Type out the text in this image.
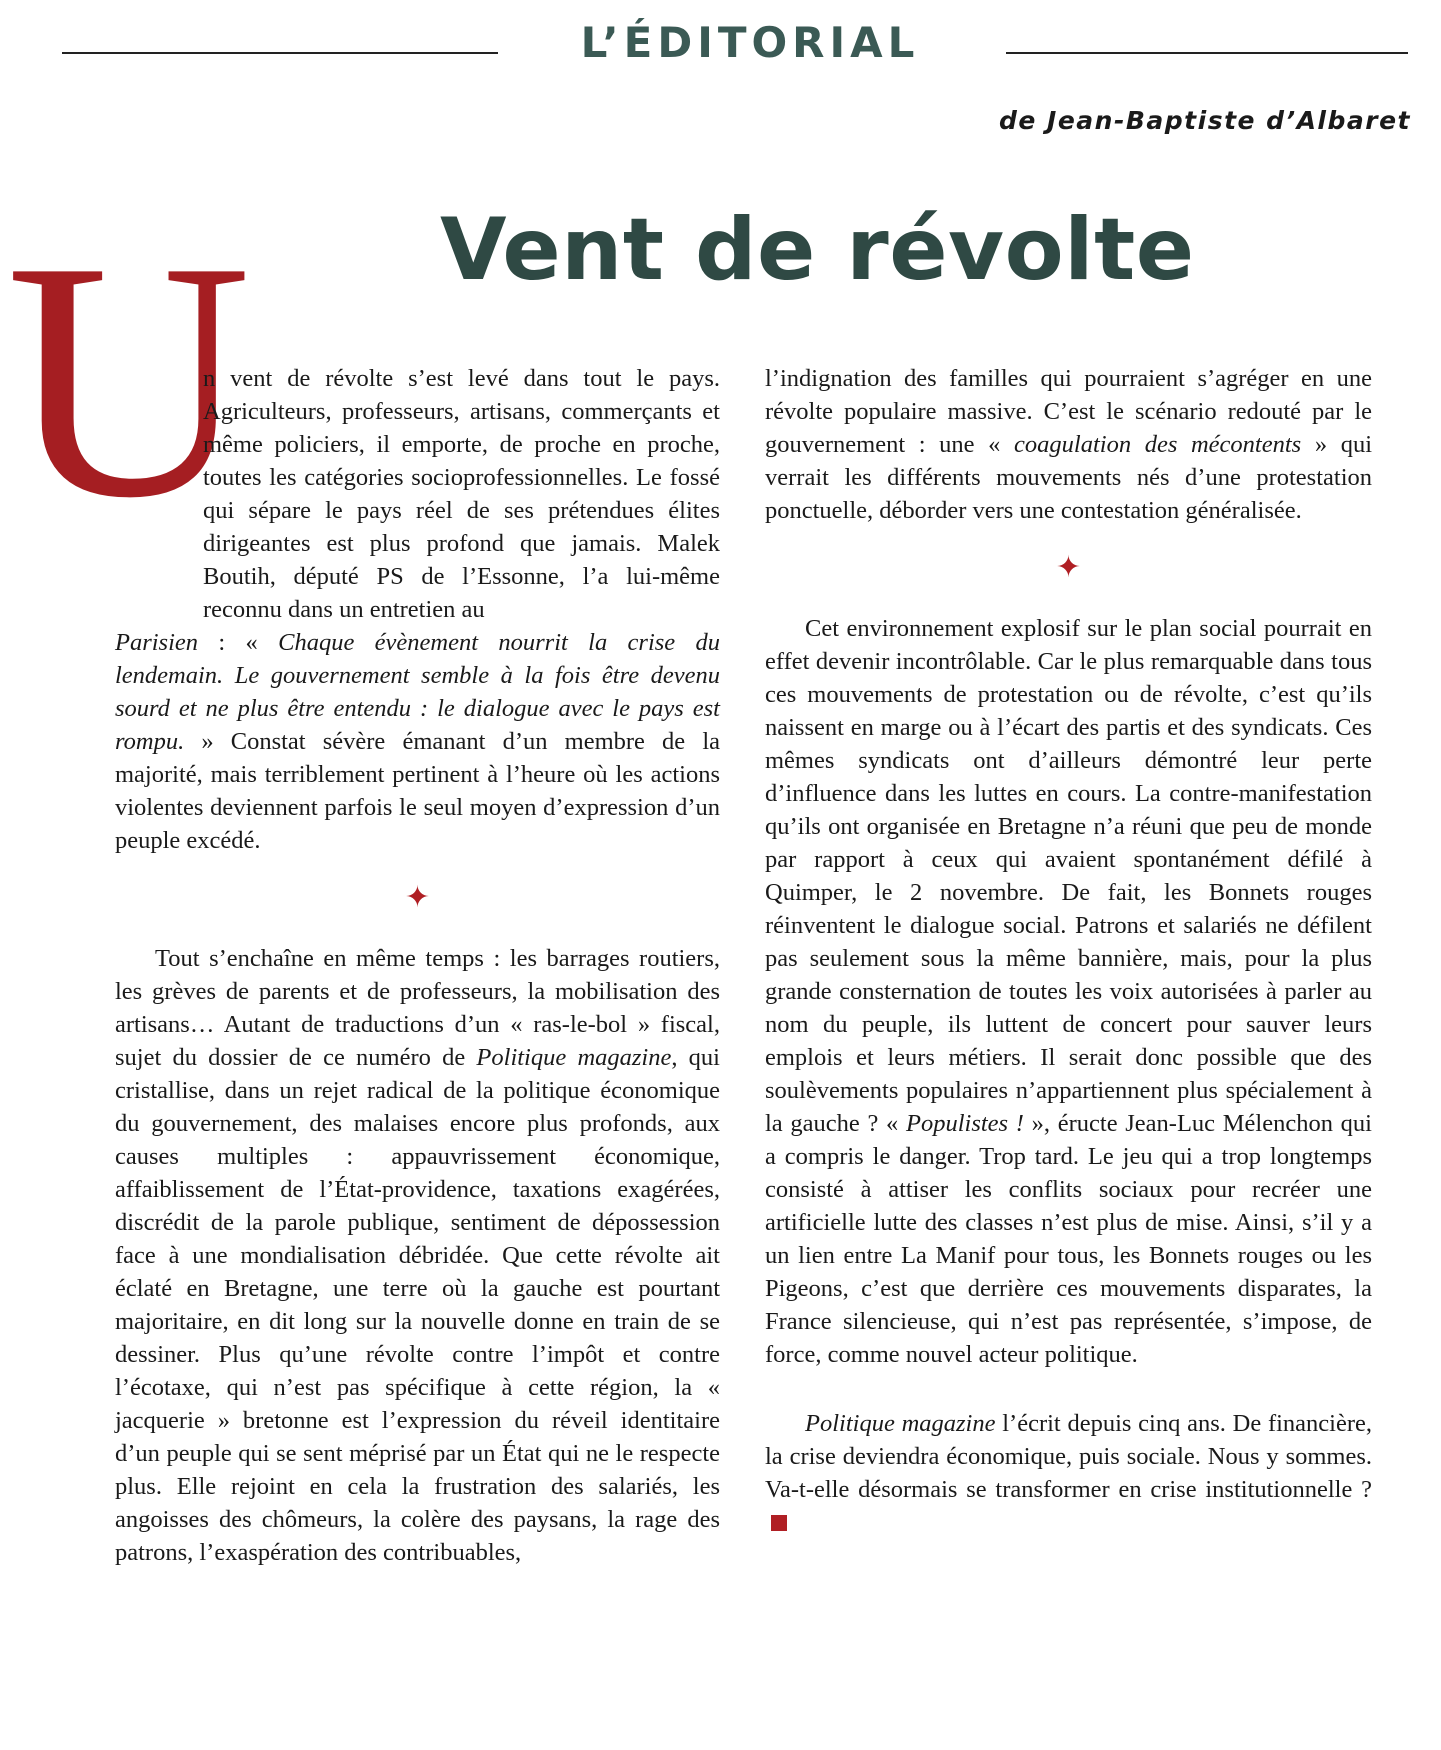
L’ÉDITORIAL
de Jean-Baptiste d’Albaret
Vent de révolte
U

n vent de révolte s’est levé dans tout le pays. Agriculteurs, professeurs, artisans, commerçants et même policiers, il emporte, de proche en proche, toutes les catégories socioprofessionnelles. Le fossé qui sépare le pays réel de ses prétendues élites dirigeantes est plus profond que jamais. Malek Boutih, député PS de l’Essonne, l’a lui-même reconnu dans un entretien auParisien : « Chaque évènement nourrit la crise du lendemain. Le gouvernement semble à la fois être devenu sourd et ne plus être entendu : le dialogue avec le pays est rompu. » Constat sévère émanant d’un membre de la majorité, mais terriblement pertinent à l’heure où les actions violentes deviennent parfois le seul moyen d’expression d’un peuple excédé.

✦

Tout s’enchaîne en même temps : les barrages routiers, les grèves de parents et de professeurs, la mobilisation des artisans… Autant de traductions d’un « ras-le-bol » fiscal, sujet du dossier de ce numéro de Politique magazine, qui cristallise, dans un rejet radical de la politique économique du gouvernement, des malaises encore plus profonds, aux causes multiples : appauvrissement économique, affaiblissement de l’État-providence, taxations exagérées, discrédit de la parole publique, sentiment de dépossession face à une mondialisation débridée. Que cette révolte ait éclaté en Bretagne, une terre où la gauche est pourtant majoritaire, en dit long sur la nouvelle donne en train de se dessiner. Plus qu’une révolte contre l’impôt et contre l’écotaxe, qui n’est pas spécifique à cette région, la « jacquerie » bretonne est l’expression du réveil identitaire d’un peuple qui se sent méprisé par un État qui ne le respecte plus. Elle rejoint en cela la frustration des salariés, les angoisses des chômeurs, la colère des paysans, la rage des patrons, l’exaspération des contribuables,

l’indignation des familles qui pourraient s’agréger en une révolte populaire massive. C’est le scénario redouté par le gouvernement : une « coagulation des mécontents » qui verrait les différents mouvements nés d’une protestation ponctuelle, déborder vers une contestation généralisée.

✦

Cet environnement explosif sur le plan social pourrait en effet devenir incontrôlable. Car le plus remarquable dans tous ces mouvements de protestation ou de révolte, c’est qu’ils naissent en marge ou à l’écart des partis et des syndicats. Ces mêmes syndicats ont d’ailleurs démontré leur perte d’influence dans les luttes en cours. La contre-manifestation qu’ils ont organisée en Bretagne n’a réuni que peu de monde par rapport à ceux qui avaient spontanément défilé à Quimper, le 2 novembre. De fait, les Bonnets rouges réinventent le dialogue social. Patrons et salariés ne défilent pas seulement sous la même bannière, mais, pour la plus grande consternation de toutes les voix autorisées à parler au nom du peuple, ils luttent de concert pour sauver leurs emplois et leurs métiers. Il serait donc possible que des soulèvements populaires n’appartiennent plus spécialement à la gauche ? « Populistes ! », éructe Jean-Luc Mélenchon qui a compris le danger. Trop tard. Le jeu qui a trop longtemps consisté à attiser les conflits sociaux pour recréer une artificielle lutte des classes n’est plus de mise. Ainsi, s’il y a un lien entre La Manif pour tous, les Bonnets rouges ou les Pigeons, c’est que derrière ces mouvements disparates, la France silencieuse, qui n’est pas représentée, s’impose, de force, comme nouvel acteur politique.

Politique magazine l’écrit depuis cinq ans. De financière, la crise deviendra économique, puis sociale. Nous y sommes. Va-t-elle désormais se transformer en crise institutionnelle ?
